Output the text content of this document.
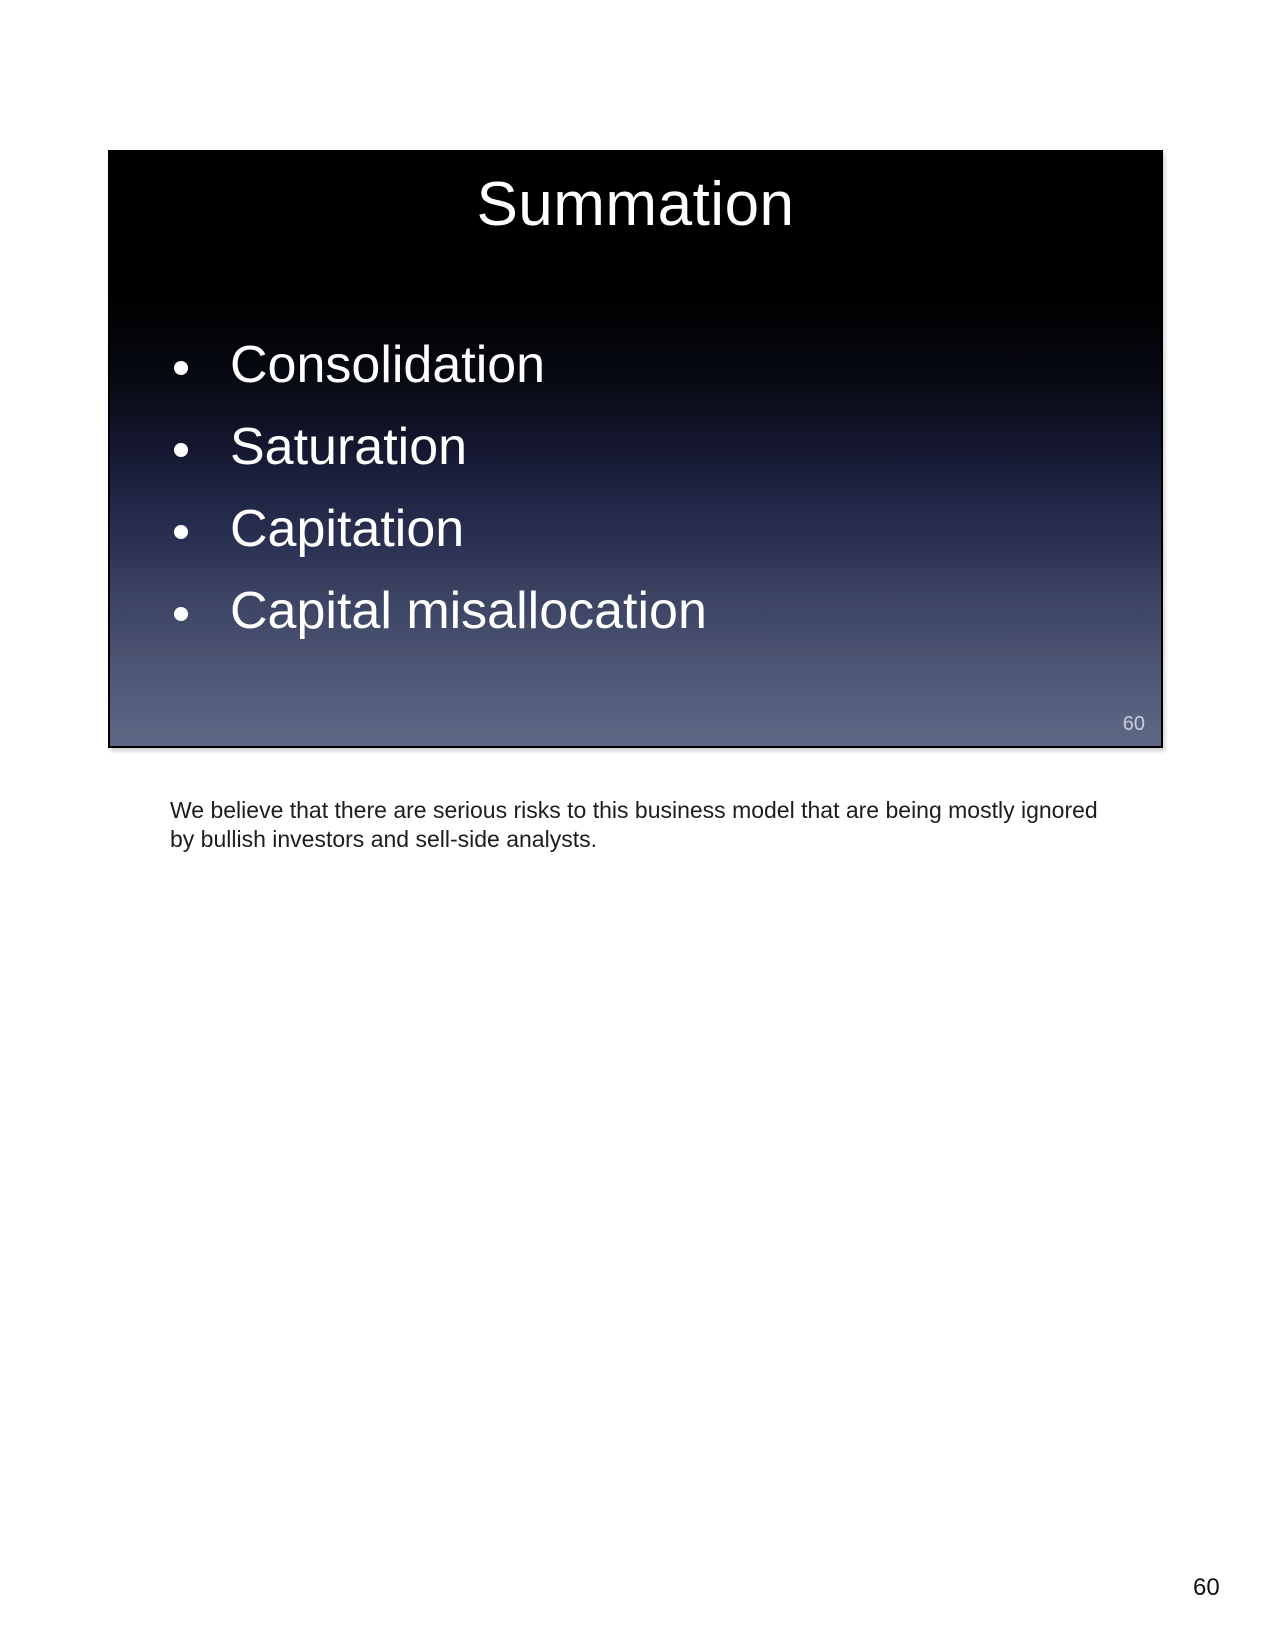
Summation
Consolidation
Saturation
Capitation
Capital misallocation
60
We believe that there are serious risks to this business model that are being mostly ignored
by bullish investors and sell-side analysts.
60
